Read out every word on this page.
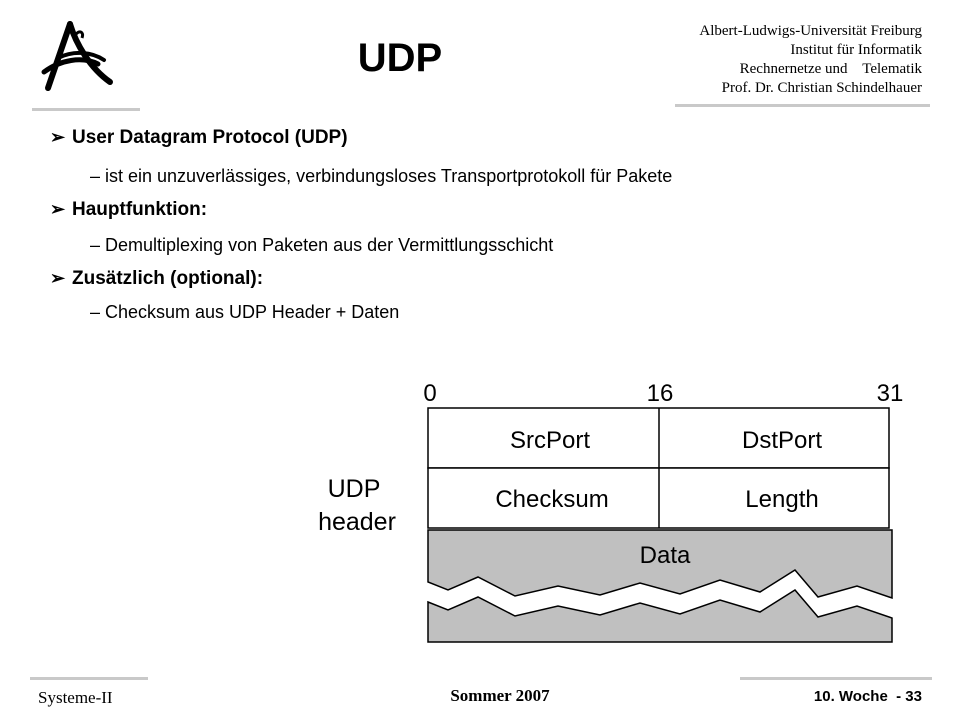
UDP
Albert-Ludwigs-Universität Freiburg
Institut für Informatik
Rechnernetze und    Telematik
Prof. Dr. Christian Schindelhauer
➢ User Datagram Protocol (UDP)
– ist ein unzuverlässiges, verbindungsloses Transportprotokoll für Pakete
➢ Hauptfunktion:
– Demultiplexing von Paketen aus der Vermittlungsschicht
➢ Zusätzlich (optional):
– Checksum aus UDP Header + Daten
0	16	31
SrcPort	DstPort
Checksum	Length
UDP
header
Data
Systeme-II	Sommer 2007	10. Woche  - 33
